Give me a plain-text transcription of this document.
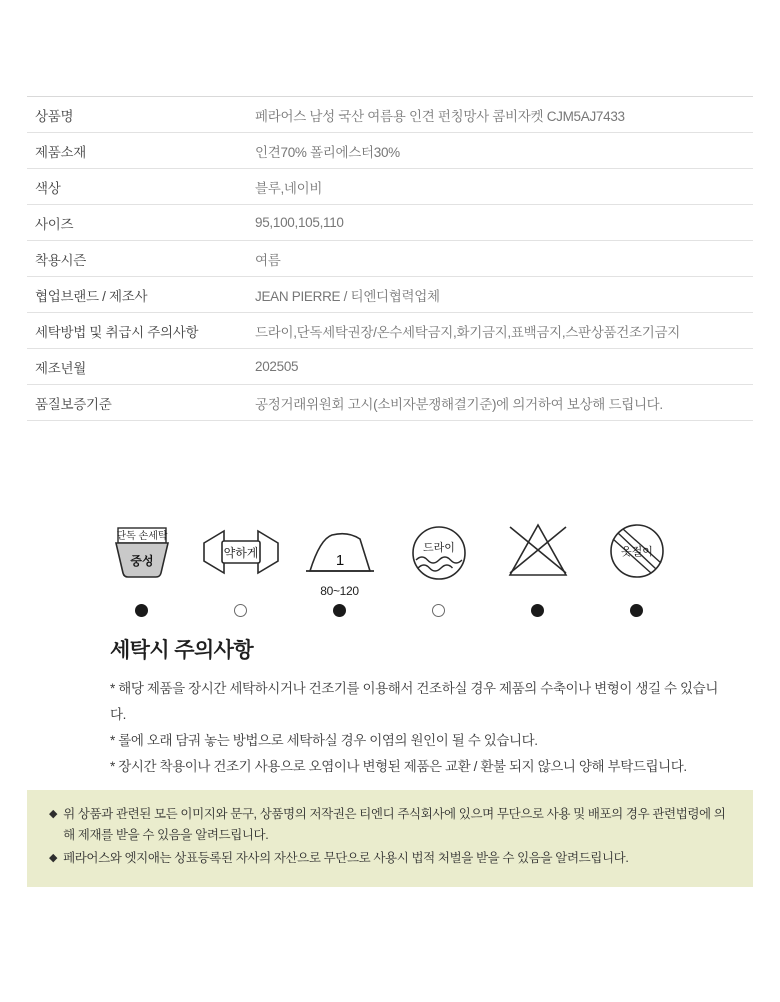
상품명	페라어스 남성 국산 여름용 인견 펀칭망사 콤비자켓 CJM5AJ7433
제품소재	인견70% 폴리에스터30%
색상	블루,네이비
사이즈	95,100,105,110
착용시즌	여름
협업브랜드 / 제조사	JEAN PIERRE / 티엔디협력업체
세탁방법 및 취급시 주의사항	드라이,단독세탁권장/온수세탁금지,화기금지,표백금지,스판상품건조기금지
제조년월	202505
품질보증기준	공정거래위원회 고시(소비자분쟁해결기준)에 의거하여 보상해 드립니다.
단독 손세탁
중성
약하게	1
80~120
드라이	옷걸이
세탁시 주의사항
* 해당 제품을 장시간 세탁하시거나 건조기를 이용해서 건조하실 경우 제품의 수축이나 변형이 생길 수 있습니다.
* 롤에 오래 담궈 놓는 방법으로 세탁하실 경우 이염의 원인이 될 수 있습니다.
* 장시간 착용이나 건조기 사용으로 오염이나 변형된 제품은 교환 / 환불 되지 않으니 양해 부탁드립니다.
◆ 위 상품과 관련된 모든 이미지와 문구, 상품명의 저작권은 티엔디 주식회사에 있으며 무단으로 사용 및 배포의 경우 관련법령에 의해 제재를 받을 수 있음을 알려드립니다.
◆ 페라어스와 엣지애는 상표등록된 자사의 자산으로 무단으로 사용시 법적 처벌을 받을 수 있음을 알려드립니다.
